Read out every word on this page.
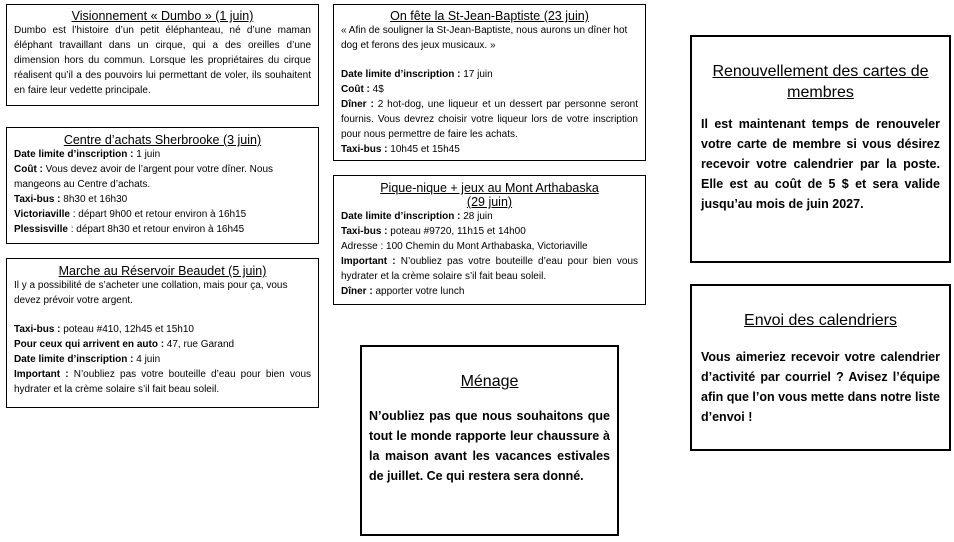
Visionnement « Dumbo » (1 juin)

Dumbo est l’histoire d’un petit éléphanteau, né d’une maman éléphant travaillant dans un cirque, qui a des oreilles d’une dimension hors du commun. Lorsque les propriétaires du cirque réalisent qu’il a des pouvoirs lui permettant de voler, ils souhaitent en faire leur vedette principale.

Centre d’achats Sherbrooke (3 juin)

Date limite d’inscription : 1 juin

Coût : Vous devez avoir de l’argent pour votre dîner. Nous mangeons au Centre d’achats.

Taxi-bus : 8h30 et 16h30

Victoriaville : départ 9h00 et retour environ à 16h15

Plessisville : départ 8h30 et retour environ à 16h45

Marche au Réservoir Beaudet (5 juin)

Il y a possibilité de s’acheter une collation, mais pour ça, vous devez prévoir votre argent.

Taxi-bus : poteau #410, 12h45 et 15h10

Pour ceux qui arrivent en auto : 47, rue Garand

Date limite d’inscription : 4 juin

Important : N’oubliez pas votre bouteille d’eau pour bien vous hydrater et la crème solaire s’il fait beau soleil.

On fête la St-Jean-Baptiste (23 juin)

« Afin de souligner la St-Jean-Baptiste, nous aurons un dîner hot dog et ferons des jeux musicaux. »

Date limite d’inscription : 17 juin

Coût : 4$

Dîner : 2 hot-dog, une liqueur et un dessert par personne seront fournis. Vous devrez choisir votre liqueur lors de votre inscription pour nous permettre de faire les achats.

Taxi-bus : 10h45 et 15h45

Pique-nique + jeux au Mont Arthabaska

(29 juin)

Date limite d’inscription : 28 juin

Taxi-bus : poteau #9720, 11h15 et 14h00

Adresse : 100 Chemin du Mont Arthabaska, Victoriaville

Important : N’oubliez pas votre bouteille d’eau pour bien vous hydrater et la crème solaire s’il fait beau soleil.

Dîner : apporter votre lunch

Ménage
N’oubliez pas que nous souhaitons que tout le monde rapporte leur chaussure à la maison avant les vacances estivales de juillet. Ce qui restera sera donné.
Renouvellement des cartes de membres
Il est maintenant temps de renouveler votre carte de membre si vous désirez recevoir votre calendrier par la poste. Elle est au coût de 5 $ et sera valide jusqu’au mois de juin 2027.
Envoi des calendriers
Vous aimeriez recevoir votre calendrier d’activité par courriel ? Avisez l’équipe afin que l’on vous mette dans notre liste d’envoi !
